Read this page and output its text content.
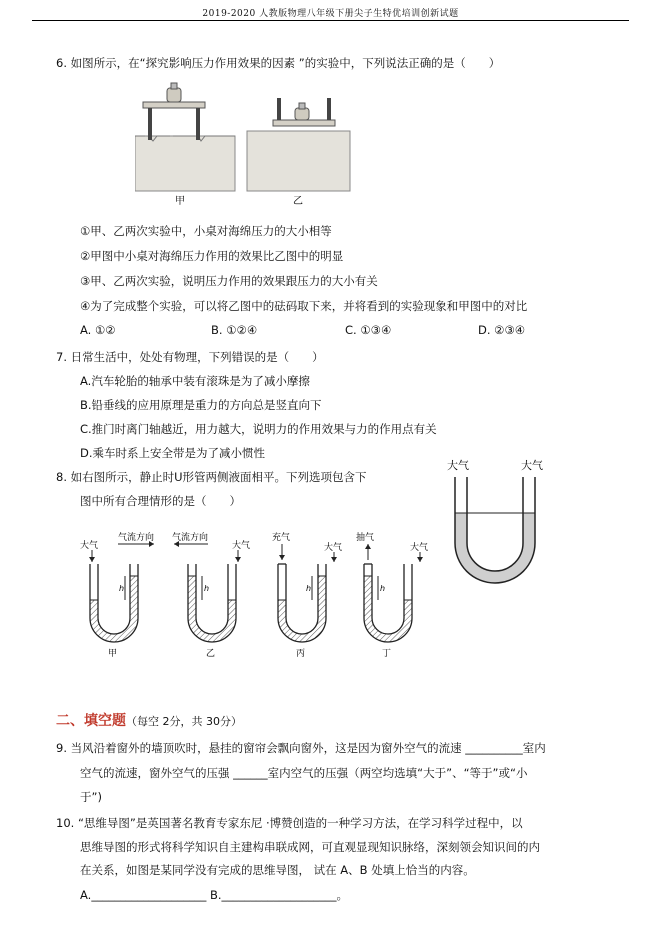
2019-2020 人教版物理八年级下册尖子生特优培训创新试题
6. 如图所示，在“探究影响压力作用效果的因素 ”的实验中，下列说法正确的是（　　）
甲	乙
①甲、乙两次实验中，小桌对海绵压力的大小相等
②甲图中小桌对海绵压力作用的效果比乙图中的明显
③甲、乙两次实验，说明压力作用的效果跟压力的大小有关
④为了完成整个实验，可以将乙图中的砝码取下来，并将看到的实验现象和甲图中的对比
A. ①②	B. ①②④	C. ①③④	D. ②③④
7. 日常生活中，处处有物理，下列错误的是（　　）
A.汽车轮胎的轴承中装有滚珠是为了减小摩擦
B.铅垂线的应用原理是重力的方向总是竖直向下
C.推门时离门轴越近，用力越大，说明力的作用效果与力的作用点有关
D.乘车时系上安全带是为了减小惯性
8. 如右图所示，静止时U形管两侧液面相平。下列选项包含下
图中所有合理情形的是（　　）
大气	大气
大气
气流方向
h
甲
气流方向
大气
h
乙
充气
大气
h
丙
抽气
大气
h
丁
二、填空题（每空 2分，共 30分）
9. 当风沿着窗外的墙顶吹时，悬挂的窗帘会飘向窗外，这是因为窗外空气的流速 __________室内
空气的流速，窗外空气的压强 ______室内空气的压强（两空均选填“大于”、“等于”或“小
于”)
10. “思维导图”是英国著名教育专家东尼 ·博赞创造的一种学习方法，在学习科学过程中，以
思维导图的形式将科学知识自主建构串联成网，可直观显现知识脉络，深刻领会知识间的内
在关系，如图是某同学没有完成的思维导图， 试在 A、B 处填上恰当的内容。
A.____________________ B.____________________。
